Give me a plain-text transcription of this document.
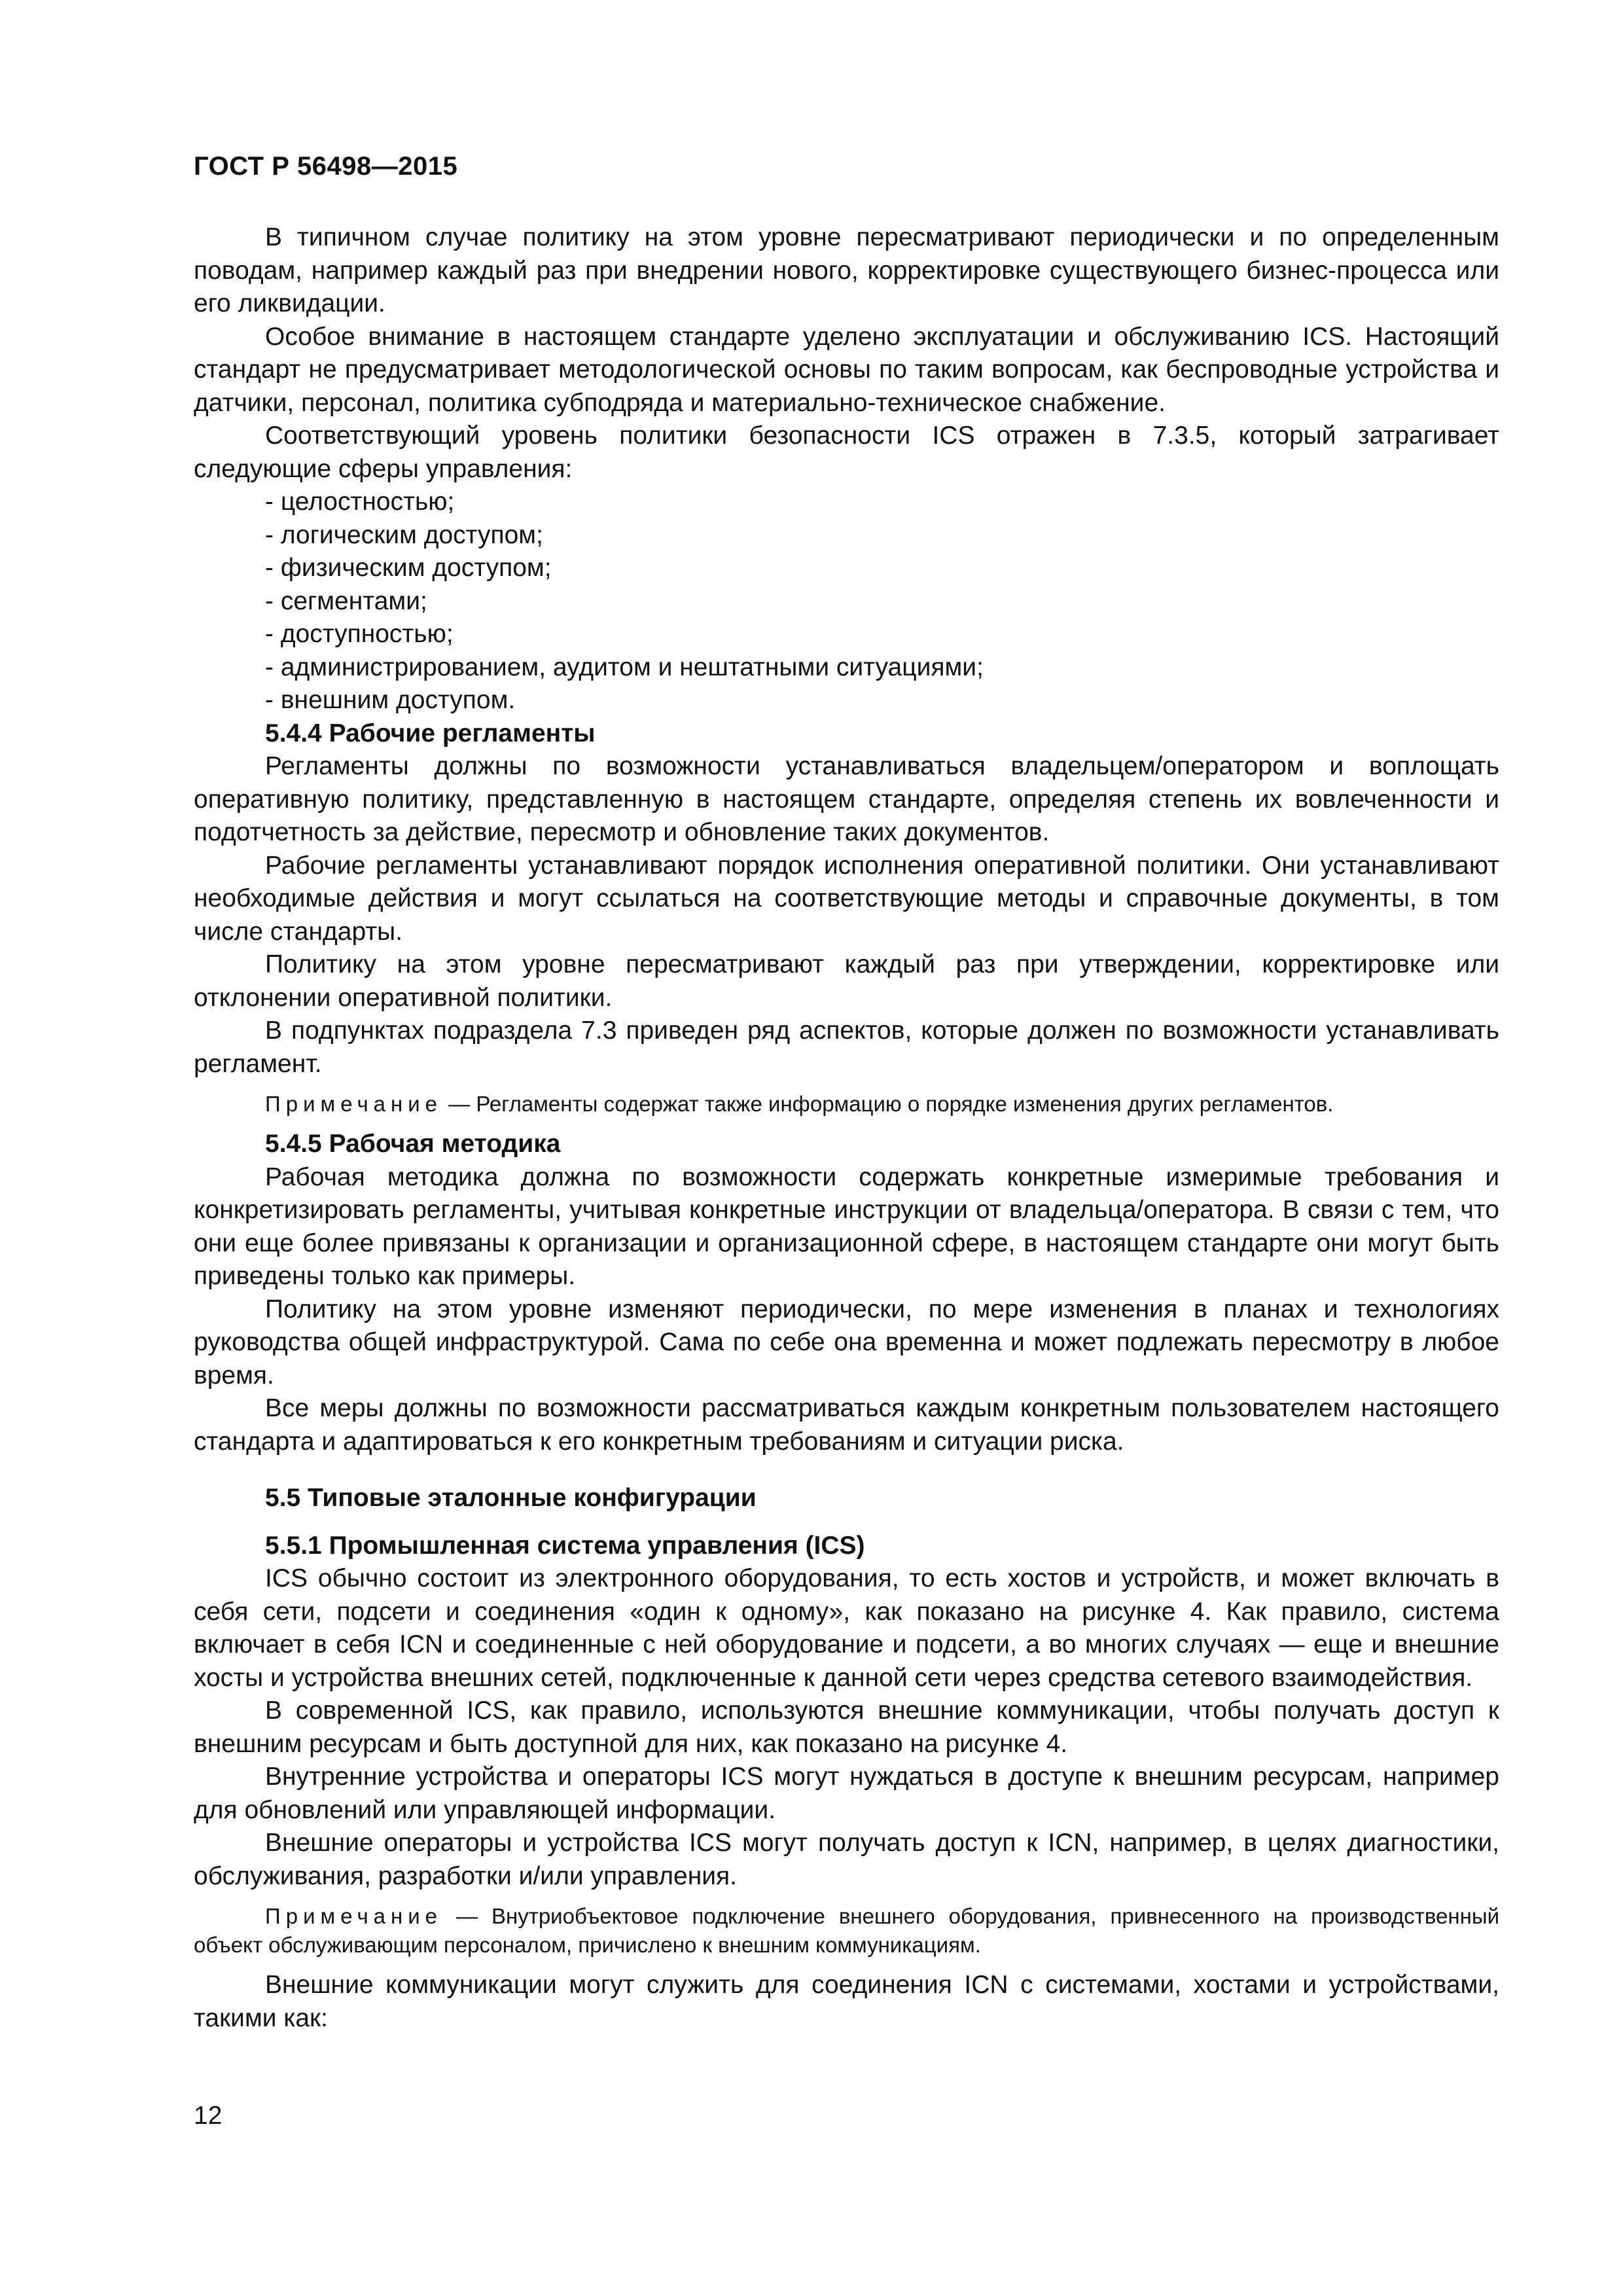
ГОСТ Р 56498—2015

В типичном случае политику на этом уровне пересматривают периодически и по определенным поводам, например каждый раз при внедрении нового, корректировке существующего бизнес-процесса или его ликвидации.

Особое внимание в настоящем стандарте уделено эксплуатации и обслуживанию ICS. Настоящий стандарт не предусматривает методологической основы по таким вопросам, как беспроводные устройства и датчики, персонал, политика субподряда и материально-техническое снабжение.

Соответствующий уровень политики безопасности ICS отражен в 7.3.5, который затрагивает следующие сферы управления:

- целостностью;
- логическим доступом;
- физическим доступом;
- сегментами;
- доступностью;
- администрированием, аудитом и нештатными ситуациями;
- внешним доступом.
5.4.4 Рабочие регламенты

Регламенты должны по возможности устанавливаться владельцем/оператором и воплощать оперативную политику, представленную в настоящем стандарте, определяя степень их вовлеченности и подотчетность за действие, пересмотр и обновление таких документов.

Рабочие регламенты устанавливают порядок исполнения оперативной политики. Они устанавливают необходимые действия и могут ссылаться на соответствующие методы и справочные документы, в том числе стандарты.

Политику на этом уровне пересматривают каждый раз при утверждении, корректировке или отклонении оперативной политики.

В подпунктах подраздела 7.3 приведен ряд аспектов, которые должен по возможности устанавливать регламент.

Примечание — Регламенты содержат также информацию о порядке изменения других регламентов.

5.4.5 Рабочая методика

Рабочая методика должна по возможности содержать конкретные измеримые требования и конкретизировать регламенты, учитывая конкретные инструкции от владельца/оператора. В связи с тем, что они еще более привязаны к организации и организационной сфере, в настоящем стандарте они могут быть приведены только как примеры.

Политику на этом уровне изменяют периодически, по мере изменения в планах и технологиях руководства общей инфраструктурой. Сама по себе она временна и может подлежать пересмотру в любое время.

Все меры должны по возможности рассматриваться каждым конкретным пользователем настоящего стандарта и адаптироваться к его конкретным требованиям и ситуации риска.

5.5 Типовые эталонные конфигурации
5.5.1 Промышленная система управления (ICS)

ICS обычно состоит из электронного оборудования, то есть хостов и устройств, и может включать в себя сети, подсети и соединения «один к одному», как показано на рисунке 4. Как правило, система включает в себя ICN и соединенные с ней оборудование и подсети, а во многих случаях — еще и внешние хосты и устройства внешних сетей, подключенные к данной сети через средства сетевого взаимодействия.

В современной ICS, как правило, используются внешние коммуникации, чтобы получать доступ к внешним ресурсам и быть доступной для них, как показано на рисунке 4.

Внутренние устройства и операторы ICS могут нуждаться в доступе к внешним ресурсам, например для обновлений или управляющей информации.

Внешние операторы и устройства ICS могут получать доступ к ICN, например, в целях диагностики, обслуживания, разработки и/или управления.

Примечание — Внутриобъектовое подключение внешнего оборудования, привнесенного на производственный объект обслуживающим персоналом, причислено к внешним коммуникациям.

Внешние коммуникации могут служить для соединения ICN с системами, хостами и устройствами, такими как:

12
